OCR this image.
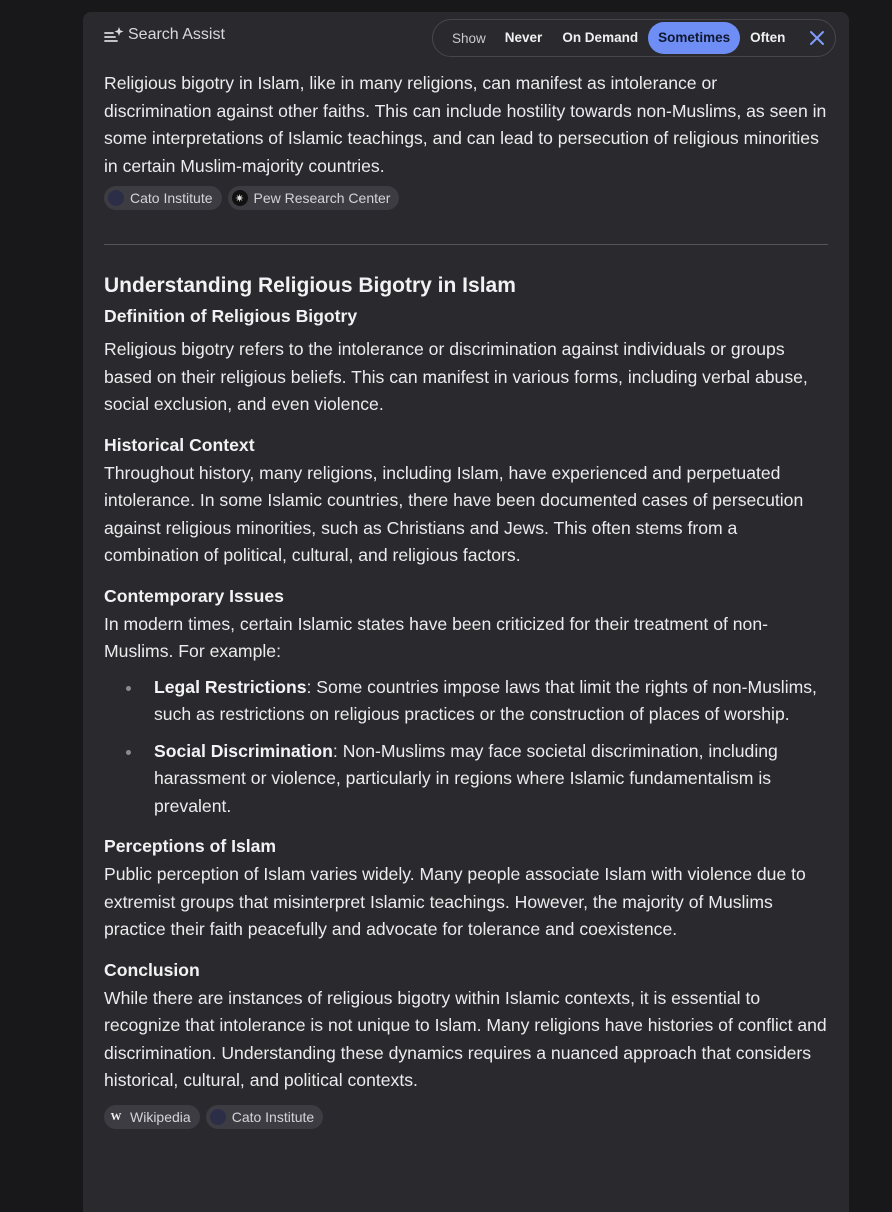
Search Assist	Show	Never	On Demand	Sometimes	Often

Religious bigotry in Islam, like in many religions, can manifest as intolerance or discrimination against other faiths. This can include hostility towards non-Muslims, as seen in some interpretations of Islamic teachings, and can lead to persecution of religious minorities in certain Muslim-majority countries.

Cato Institute	✷ Pew Research Center
Understanding Religious Bigotry in Islam
Definition of Religious Bigotry

Religious bigotry refers to the intolerance or discrimination against individuals or groups based on their religious beliefs. This can manifest in various forms, including verbal abuse, social exclusion, and even violence.

Historical Context

Throughout history, many religions, including Islam, have experienced and perpetuated intolerance. In some Islamic countries, there have been documented cases of persecution against religious minorities, such as Christians and Jews. This often stems from a combination of political, cultural, and religious factors.

Contemporary Issues

In modern times, certain Islamic states have been criticized for their treatment of non-Muslims. For example:

Legal Restrictions: Some countries impose laws that limit the rights of non-Muslims, such as restrictions on religious practices or the construction of places of worship.
Social Discrimination: Non-Muslims may face societal discrimination, including harassment or violence, particularly in regions where Islamic fundamentalism is prevalent.
Perceptions of Islam

Public perception of Islam varies widely. Many people associate Islam with violence due to extremist groups that misinterpret Islamic teachings. However, the majority of Muslims practice their faith peacefully and advocate for tolerance and coexistence.

Conclusion

While there are instances of religious bigotry within Islamic contexts, it is essential to recognize that intolerance is not unique to Islam. Many religions have histories of conflict and discrimination. Understanding these dynamics requires a nuanced approach that considers historical, cultural, and political contexts.

W Wikipedia	Cato Institute
